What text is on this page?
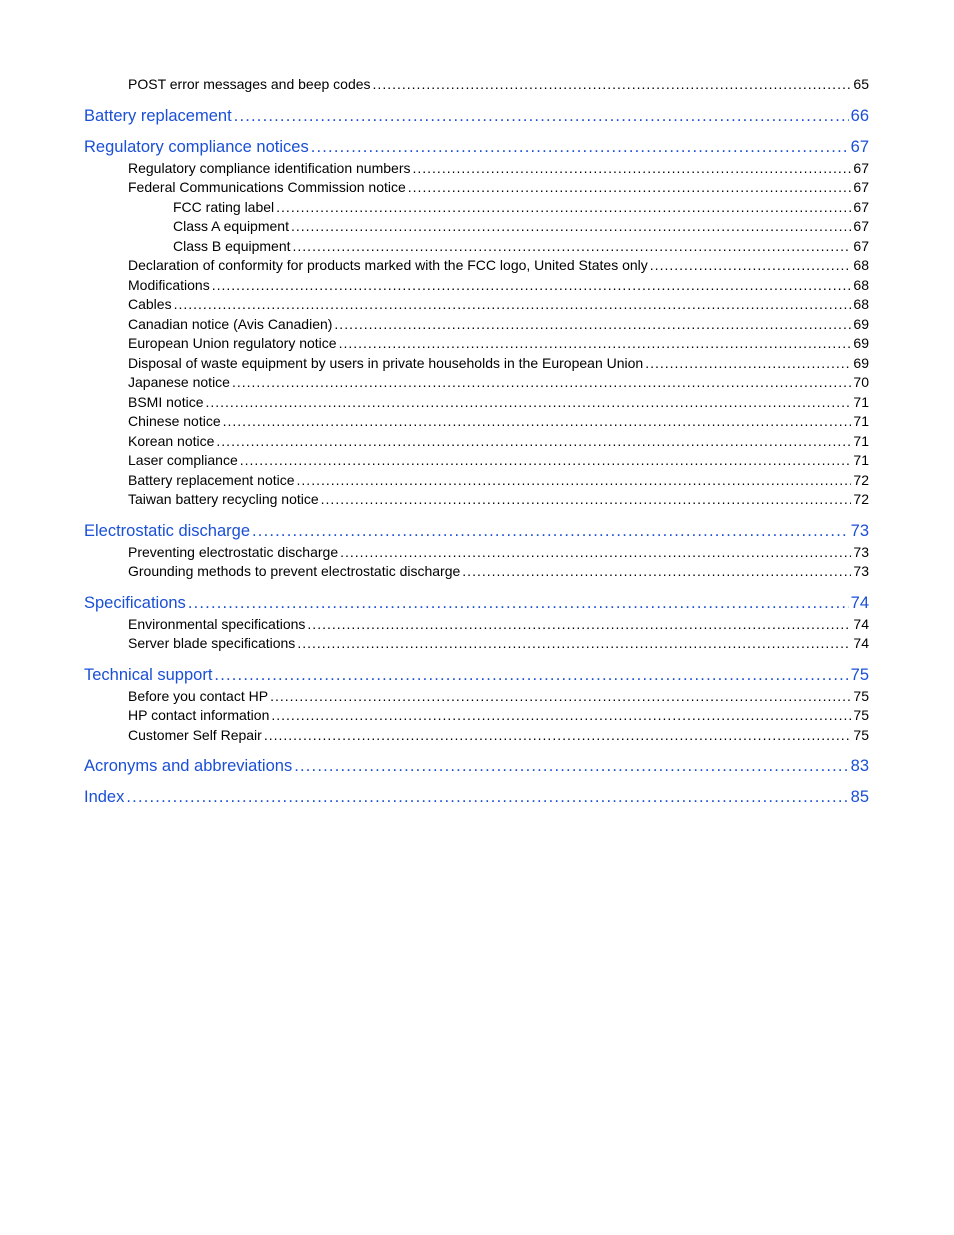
POST error messages and beep codes .....	65
Battery replacement .....	66
Regulatory compliance notices .....	67
Regulatory compliance identification numbers .....	67
Federal Communications Commission notice .....	67
FCC rating label .....	67
Class A equipment .....	67
Class B equipment .....	67
Declaration of conformity for products marked with the FCC logo, United States only .....	68
Modifications .....	68
Cables .....	68
Canadian notice (Avis Canadien) .....	69
European Union regulatory notice .....	69
Disposal of waste equipment by users in private households in the European Union .....	69
Japanese notice .....	70
BSMI notice .....	71
Chinese notice .....	71
Korean notice .....	71
Laser compliance .....	71
Battery replacement notice .....	72
Taiwan battery recycling notice .....	72
Electrostatic discharge .....	73
Preventing electrostatic discharge .....	73
Grounding methods to prevent electrostatic discharge .....	73
Specifications .....	74
Environmental specifications .....	74
Server blade specifications .....	74
Technical support .....	75
Before you contact HP .....	75
HP contact information .....	75
Customer Self Repair .....	75
Acronyms and abbreviations .....	83
Index .....	85
